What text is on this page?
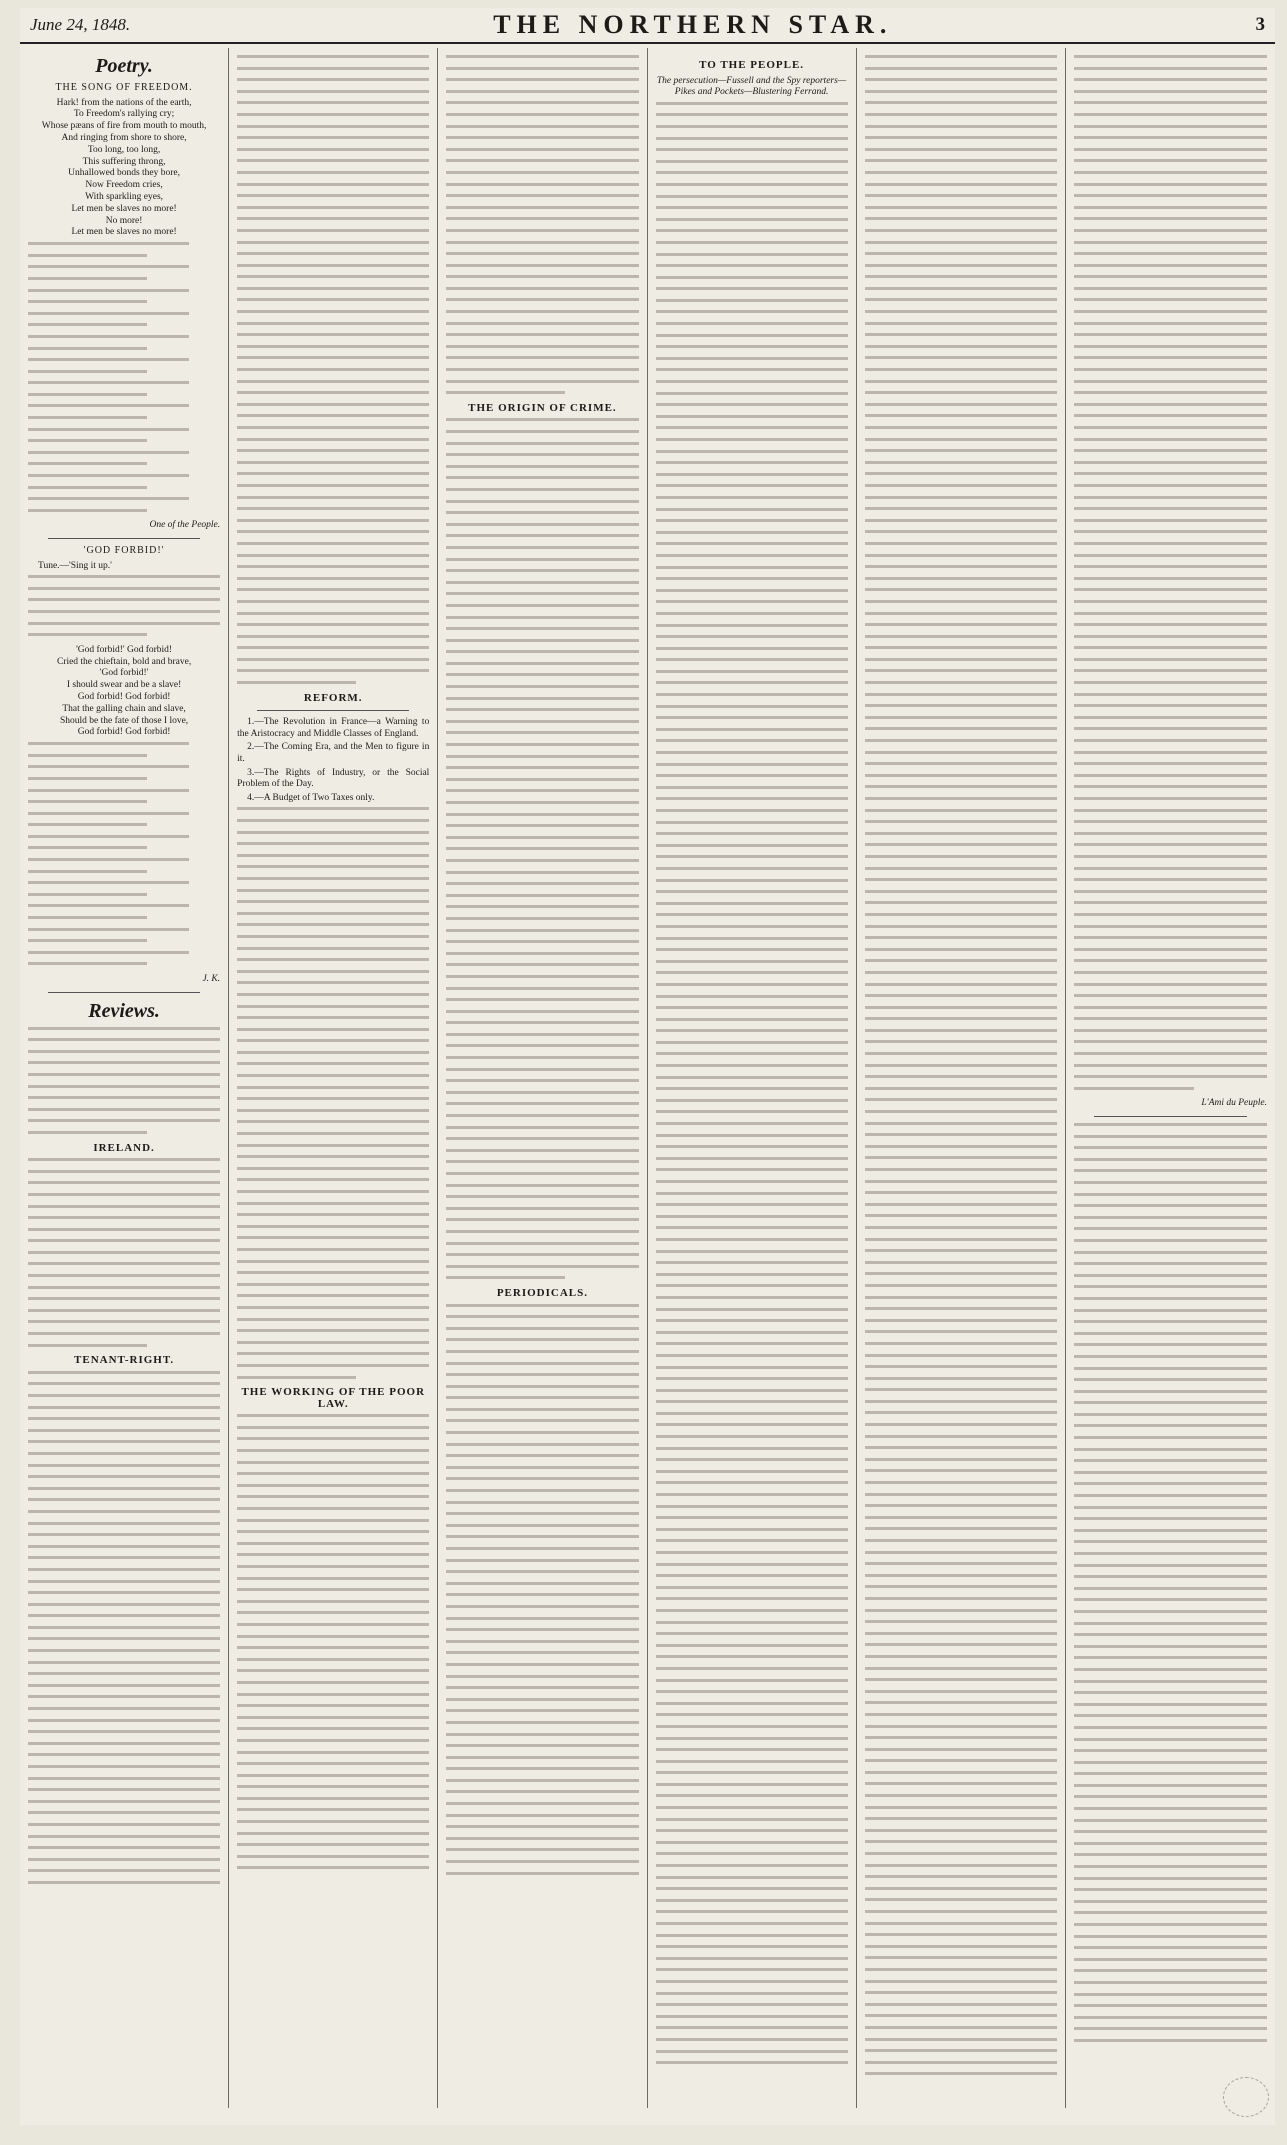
June 24, 1848.	THE NORTHERN STAR.	3
Poetry.
THE SONG OF FREEDOM.

Hark! from the nations of the earth,

To Freedom's rallying cry;

Whose pæans of fire from mouth to mouth,

And ringing from shore to shore,

Too long, too long,

This suffering throng,

Unhallowed bonds they bore,

Now Freedom cries,

With sparkling eyes,

Let men be slaves no more!

No more!

Let men be slaves no more!

One of the People.
'GOD FORBID!'
Tune.—'Sing it up.'

'God forbid!' God forbid!

Cried the chieftain, bold and brave,

'God forbid!'

I should swear and be a slave!

God forbid! God forbid!

That the galling chain and slave,

Should be the fate of those I love,

God forbid! God forbid!

J. K.
Reviews.
IRELAND.
TENANT-RIGHT.
REFORM.
1.—The Revolution in France—a Warning to the Aristocracy and Middle Classes of England.
2.—The Coming Era, and the Men to figure in it.
3.—The Rights of Industry, or the Social Problem of the Day.
4.—A Budget of Two Taxes only.
THE WORKING OF THE POOR LAW.
THE ORIGIN OF CRIME.
PERIODICALS.
TO THE PEOPLE.
The persecution—Fussell and the Spy reporters—Pikes and Pockets—Blustering Ferrand.
L'Ami du Peuple.
